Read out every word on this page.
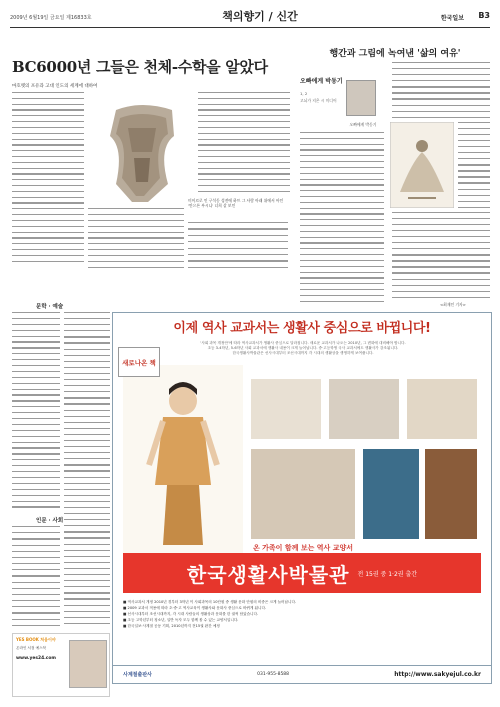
2009년 6월19일 금요일 제16833호	책의향기 / 신간	한국일보 B3
BC6000년 그들은 천체-수학을 알았다
마호멧의 포유과 고대 인도의 세계에 대하여
미이르로 인 구석동 성전에 하트 그 사람 아래 위에서 아인 '안으론 부시니' 너희 살 보인
행간과 그림에 녹여낸 '삶의 여유'
오빠에게 박동기
1, 2
고뇌가 지은 시 미디어
오빠에게 박동기
<최재인 기자>
문학 · 예술
인문 · 사회
이제 역사 교과서는 생활사 중심으로 바뀝니다!
'사회 과목 개정안'에 따라 역사교과서가 생활사 중심으로 달라집니다. 새로운 교과서가 나오는 2010년, 그 변화에 대비해야 합니다.
초등 3-4학년, 5-6학년 사회 교과서에 생활사 내용이 크게 늘어납니다. 중·고등학생 국사 교과서에도 생활사가 강조됩니다.
한국생활사박물관은 선사시대부터 조선시대까지 각 시대의 생활상을 생생하게 보여줍니다.
온 가족이 함께 보는 역사 교양서
한국생활사박물관 전 15권 중 1·2권 출간
■ 역사교과서 개정 2010년 경부터 3학년 이 사회과목의 10단원 중 생활 문화 단원의 비중은 크게 늘어납니다.
■ 2009 교과서 적용에 따라 초·중·고 역사교육이 생활사와 문화사 중심으로 바뀌게 됩니다.
■ 선사시대부터 조선시대까지, 각 시대 사람들의 생활상과 문화를 한 권씩 담았습니다.
■ 초등 고학년부터 청소년, 일반 독자 모두 함께 볼 수 있는 교양서입니다.
■ 한국일보·사계절 공동 기획, 2010년까지 전15권 완간 예정
사계절출판사	031-955-8588	http://www.sakyejul.co.kr
새로나온 책
YES BOOK 처음이야
온라인 서점 예스북
www.yes24.com
